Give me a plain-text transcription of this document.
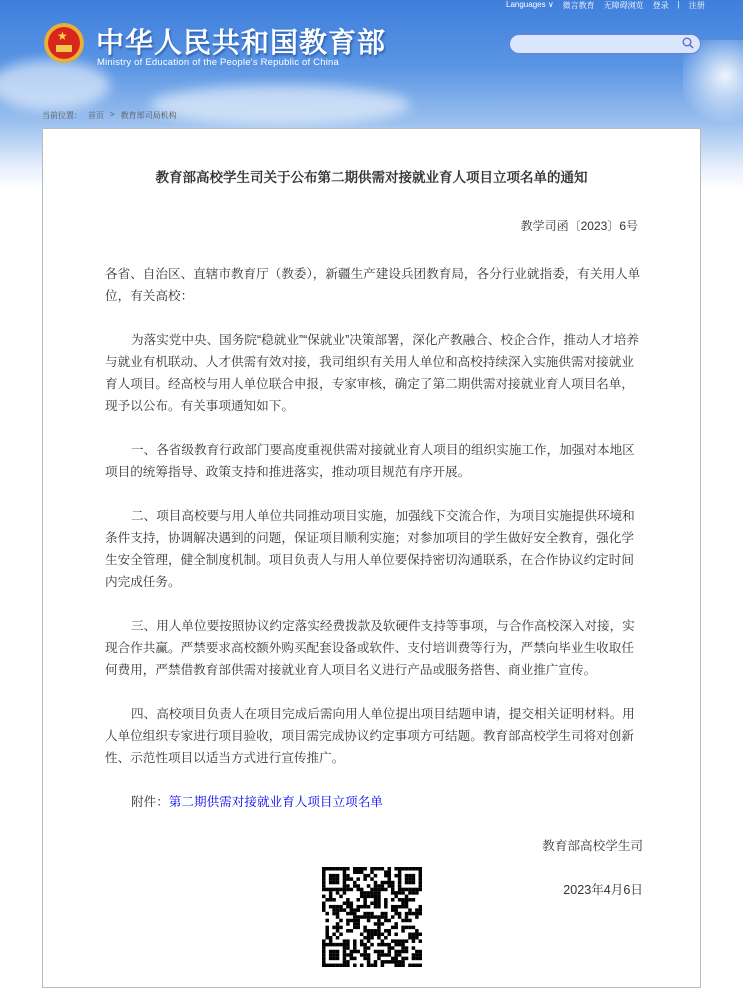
Languages ∨ 微言教育 无障碍浏览 登录 | 注册
★ 中华人民共和国教育部
Ministry of Education of the People's Republic of China
当前位置： 首页 > 教育部司局机构
教育部高校学生司关于公布第二期供需对接就业育人项目立项名单的通知
教学司函〔2023〕6号

各省、自治区、直辖市教育厅（教委），新疆生产建设兵团教育局，各分行业就指委，有关用人单位，有关高校：

为落实党中央、国务院“稳就业”“保就业”决策部署，深化产教融合、校企合作，推动人才培养与就业有机联动、人才供需有效对接，我司组织有关用人单位和高校持续深入实施供需对接就业育人项目。经高校与用人单位联合申报，专家审核，确定了第二期供需对接就业育人项目名单，现予以公布。有关事项通知如下。

一、各省级教育行政部门要高度重视供需对接就业育人项目的组织实施工作，加强对本地区项目的统筹指导、政策支持和推进落实，推动项目规范有序开展。

二、项目高校要与用人单位共同推动项目实施，加强线下交流合作，为项目实施提供环境和条件支持，协调解决遇到的问题，保证项目顺利实施；对参加项目的学生做好安全教育，强化学生安全管理，健全制度机制。项目负责人与用人单位要保持密切沟通联系，在合作协议约定时间内完成任务。

三、用人单位要按照协议约定落实经费拨款及软硬件支持等事项，与合作高校深入对接，实现合作共赢。严禁要求高校额外购买配套设备或软件、支付培训费等行为，严禁向毕业生收取任何费用，严禁借教育部供需对接就业育人项目名义进行产品或服务搭售、商业推广宣传。

四、高校项目负责人在项目完成后需向用人单位提出项目结题申请，提交相关证明材料。用人单位组织专家进行项目验收，项目需完成协议约定事项方可结题。教育部高校学生司将对创新性、示范性项目以适当方式进行宣传推广。

附件：第二期供需对接就业育人项目立项名单

教育部高校学生司

2023年4月6日
